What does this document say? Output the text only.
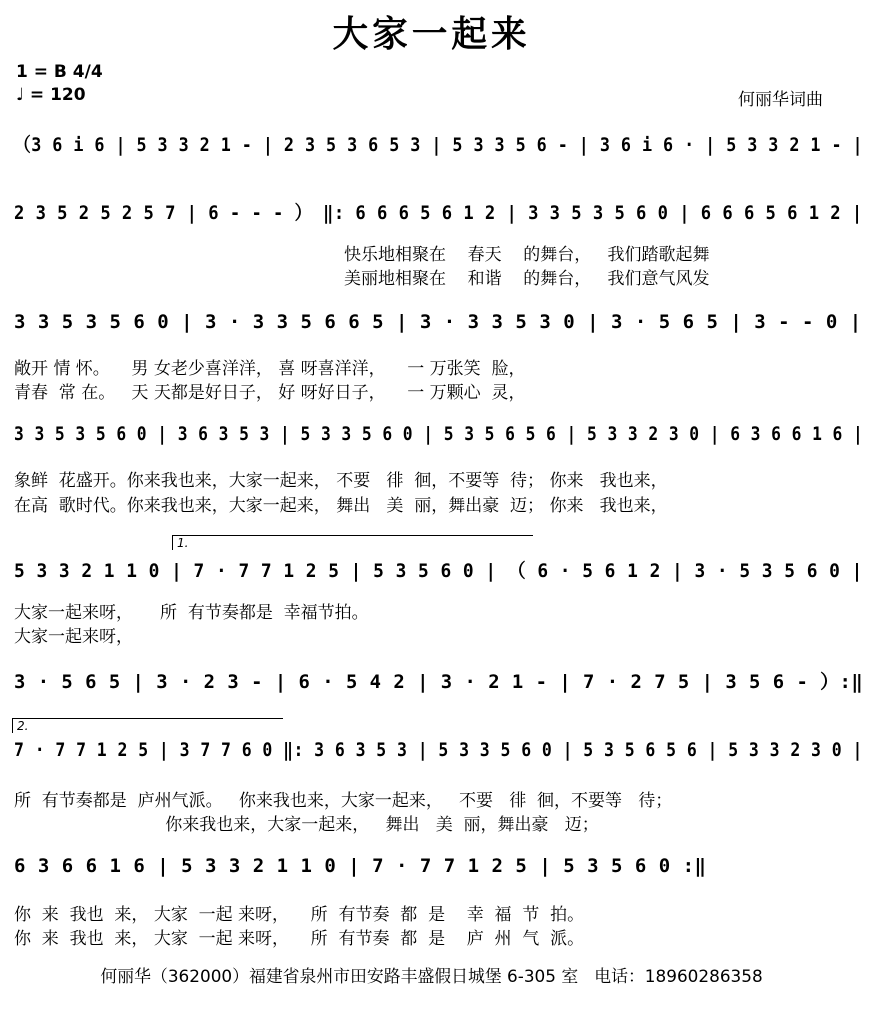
大家一起来
1 = B 4/4
♩ = 120	何丽华词曲
（3 6 i 6 | 5 3 3 2 1 - | 2 3 5 3 6 5 3 | 5 3 3 5 6 - | 3 6 i 6 · | 5 3 3 2 1 - |
2 3 5 2 5 2 5 7 | 6 - - - ） ‖: 6 6 6 5 6 1 2 | 3 3 5 3 5 6 0 | 6 6 6 5 6 1 2 |
快乐地相聚在    春天    的舞台，   我们踏歌起舞
美丽地相聚在    和谐    的舞台，   我们意气风发
3 3 5 3 5 6 0 | 3 · 3 3 5 6 6 5 | 3 · 3 3 5 3 0 | 3 · 5 6 5 | 3 - - 0 |
敞开 情 怀。    男 女老少喜洋洋， 喜 呀喜洋洋，    一 万张笑  脸，
青春  常 在。   天 天都是好日子， 好 呀好日子，    一 万颗心  灵，
3 3 5 3 5 6 0 | 3 6 3 5 3 | 5 3 3 5 6 0 | 5 3 5 6 5 6 | 5 3 3 2 3 0 | 6 3 6 6 1 6 |
象鲜  花盛开。你来我也来，大家一起来， 不要   徘  徊，不要等  待； 你来   我也来，
在高  歌时代。你来我也来，大家一起来， 舞出   美  丽，舞出豪  迈； 你来   我也来，
1.
5 3 3 2 1 1 0 | 7 · 7 7 1 2 5 | 5 3 5 6 0 | （ 6 · 5 6 1 2 | 3 · 5 3 5 6 0 |
大家一起来呀，     所  有节奏都是  幸福节拍。
大家一起来呀，
3 · 5 6 5 | 3 · 2 3 - | 6 · 5 4 2 | 3 · 2 1 - | 7 · 2 7 5 | 3 5 6 - ）:‖
2.
7 · 7 7 1 2 5 | 3 7 7 6 0 ‖: 3 6 3 5 3 | 5 3 3 5 6 0 | 5 3 5 6 5 6 | 5 3 3 2 3 0 |
所  有节奏都是  庐州气派。   你来我也来，大家一起来，   不要   徘  徊，不要等   待；
你来我也来，大家一起来，   舞出   美  丽，舞出豪   迈；
6 3 6 6 1 6 | 5 3 3 2 1 1 0 | 7 · 7 7 1 2 5 | 5 3 5 6 0 :‖
你  来  我也  来， 大家  一起 来呀，    所  有节奏  都  是    幸  福  节  拍。
你  来  我也  来， 大家  一起 来呀，    所  有节奏  都  是    庐  州  气  派。
何丽华（362000）福建省泉州市田安路丰盛假日城堡 6-305 室   电话：18960286358
